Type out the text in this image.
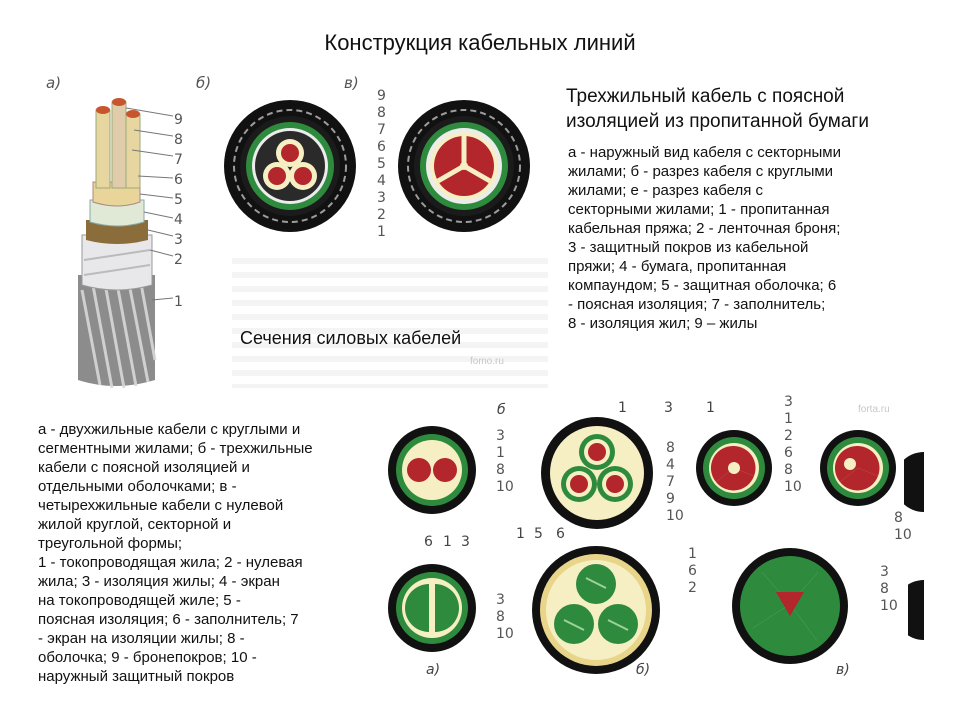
Конструкция кабельных линий
а)	б)	в)
9
8
7
6
5
4
3
2
1
9
8
7
6
5
4
3
2
1
fomo.ru
Сечения силовых кабелей
Трехжильный кабель с поясной
изоляцией из пропитанной бумаги
а - наружный вид кабеля с секторными
жилами; б - разрез кабеля с круглыми
жилами; е - разрез кабеля с
секторными жилами; 1 - пропитанная
кабельная пряжа; 2 - ленточная броня;
3 - защитный покров из кабельной
пряжи; 4 - бумага, пропитанная
компаундом; 5 - защитная оболочка; 6
- поясная изоляция; 7 - заполнитель;
8 - изоляция жил; 9 – жилы
а - двухжильные кабели с круглыми и
сегментными жилами; б - трехжильные
кабели с поясной изоляцией и
отдельными оболочками; в -
четырехжильные кабели с нулевой
жилой круглой, секторной и
треугольной формы;
1 - токопроводящая жила; 2 - нулевая
жила; 3 - изоляция жилы; 4 - экран
на токопроводящей жиле; 5 -
поясная изоляция; 6 - заполнитель; 7
- экран на изоляции жилы; 8 -
оболочка; 9 - бронепокров; 10 -
наружный защитный покров
forta.ru
б
3
1
8
10
6 1 3
3
8
10
а)
1	3
8
4
7
9
10
1 5 6
б)
1	3
1
2
6
8
10
8
10
1
6
2
3
8
10
в)
